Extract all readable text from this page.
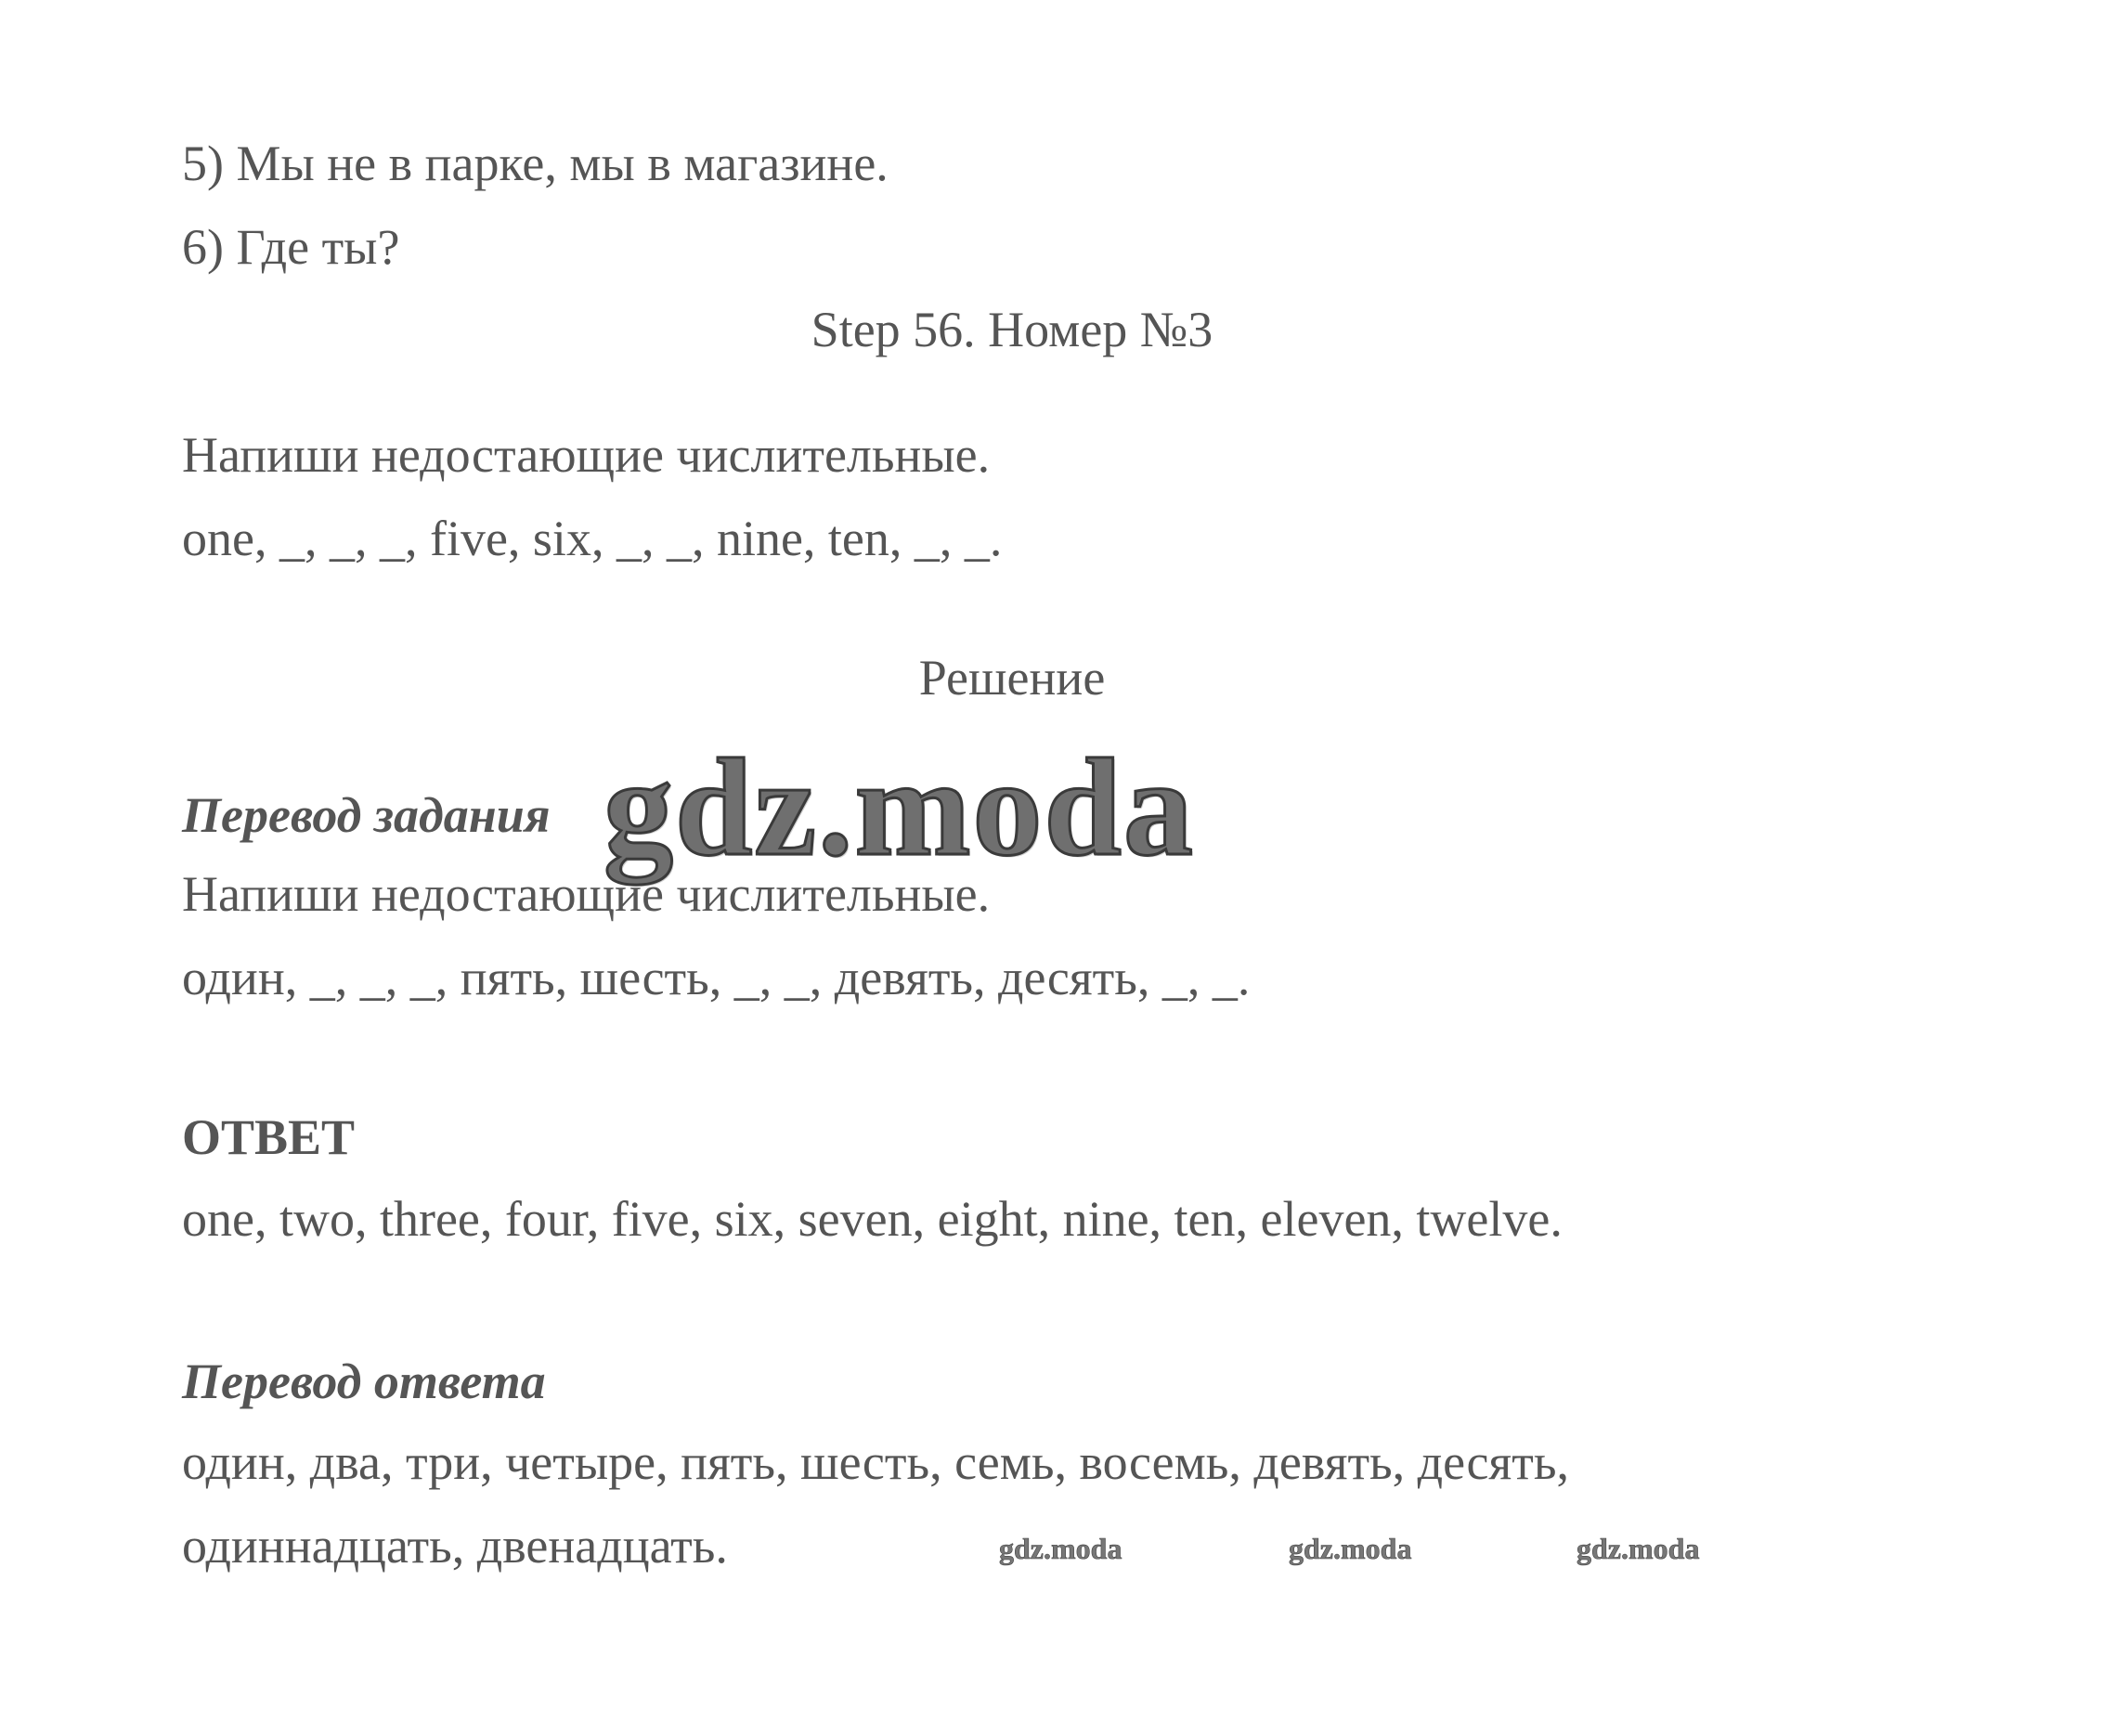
5) Мы не в парке, мы в магазине.

6) Где ты?

Step 56. Номер №3

Напиши недостающие числительные.

one, _, _, _, five, six, _, _, nine, ten, _, _.

Решение

Перевод задания gdz.moda

Напиши недостающие числительные.

один, _, _, _, пять, шесть, _, _, девять, десять, _, _.

ОТВЕТ

one, two, three, four, five, six, seven, eight, nine, ten, eleven, twelve.

Перевод ответа

один, два, три, четыре, пять, шесть, семь, восемь, девять, десять,

одиннадцать, двенадцать.	gdz.moda	gdz.moda	gdz.moda
